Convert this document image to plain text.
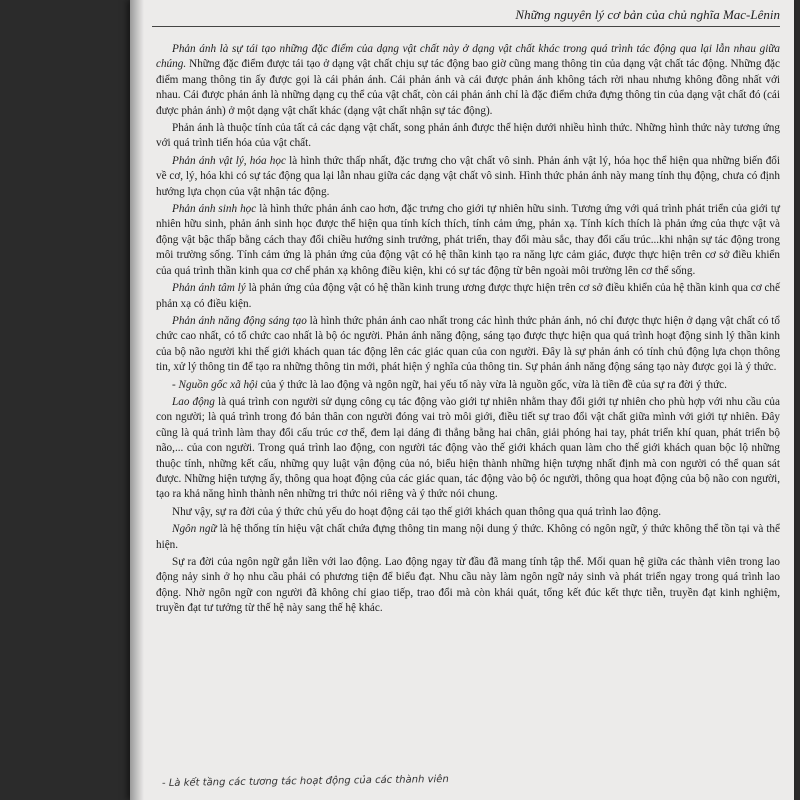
Những nguyên lý cơ bản của chủ nghĩa Mac-Lênin

Phản ánh là sự tái tạo những đặc điểm của dạng vật chất này ở dạng vật chất khác trong quá trình tác động qua lại lẫn nhau giữa chúng. Những đặc điểm được tái tạo ở dạng vật chất chịu sự tác động bao giờ cũng mang thông tin của dạng vật chất tác động. Những đặc điểm mang thông tin ấy được gọi là cái phản ánh. Cái phản ánh và cái được phản ánh không tách rời nhau nhưng không đồng nhất với nhau. Cái được phản ánh là những dạng cụ thể của vật chất, còn cái phản ánh chỉ là đặc điểm chứa đựng thông tin của dạng vật chất đó (cái được phản ánh) ở một dạng vật chất khác (dạng vật chất nhận sự tác động).

Phản ánh là thuộc tính của tất cả các dạng vật chất, song phản ánh được thể hiện dưới nhiều hình thức. Những hình thức này tương ứng với quá trình tiến hóa của vật chất.

Phản ánh vật lý, hóa học là hình thức thấp nhất, đặc trưng cho vật chất vô sinh. Phản ánh vật lý, hóa học thể hiện qua những biến đổi về cơ, lý, hóa khi có sự tác động qua lại lẫn nhau giữa các dạng vật chất vô sinh. Hình thức phản ánh này mang tính thụ động, chưa có định hướng lựa chọn của vật nhận tác động.

Phản ánh sinh học là hình thức phản ánh cao hơn, đặc trưng cho giới tự nhiên hữu sinh. Tương ứng với quá trình phát triển của giới tự nhiên hữu sinh, phản ánh sinh học được thể hiện qua tính kích thích, tính cảm ứng, phản xạ. Tính kích thích là phản ứng của thực vật và động vật bậc thấp bằng cách thay đổi chiều hướng sinh trưởng, phát triển, thay đổi màu sắc, thay đổi cấu trúc...khi nhận sự tác động trong môi trường sống. Tính cảm ứng là phản ứng của động vật có hệ thần kinh tạo ra năng lực cảm giác, được thực hiện trên cơ sở điều khiển của quá trình thần kinh qua cơ chế phản xạ không điều kiện, khi có sự tác động từ bên ngoài môi trường lên cơ thể sống.

Phản ánh tâm lý là phản ứng của động vật có hệ thần kinh trung ương được thực hiện trên cơ sở điều khiển của hệ thần kinh qua cơ chế phản xạ có điều kiện.

Phản ánh năng động sáng tạo là hình thức phản ánh cao nhất trong các hình thức phản ánh, nó chỉ được thực hiện ở dạng vật chất có tổ chức cao nhất, có tổ chức cao nhất là bộ óc người. Phản ánh năng động, sáng tạo được thực hiện qua quá trình hoạt động sinh lý thần kinh của bộ não người khi thế giới khách quan tác động lên các giác quan của con người. Đây là sự phản ánh có tính chủ động lựa chọn thông tin, xử lý thông tin để tạo ra những thông tin mới, phát hiện ý nghĩa của thông tin. Sự phản ánh năng động sáng tạo này được gọi là ý thức.

- Nguồn gốc xã hội của ý thức là lao động và ngôn ngữ, hai yếu tố này vừa là nguồn gốc, vừa là tiền đề của sự ra đời ý thức.

Lao động là quá trình con người sử dụng công cụ tác động vào giới tự nhiên nhằm thay đổi giới tự nhiên cho phù hợp với nhu cầu của con người; là quá trình trong đó bản thân con người đóng vai trò môi giới, điều tiết sự trao đổi vật chất giữa mình với giới tự nhiên. Đây cũng là quá trình làm thay đổi cấu trúc cơ thể, đem lại dáng đi thẳng bằng hai chân, giải phóng hai tay, phát triển khí quan, phát triển bộ não,... của con người. Trong quá trình lao động, con người tác động vào thế giới khách quan làm cho thế giới khách quan bộc lộ những thuộc tính, những kết cấu, những quy luật vận động của nó, biểu hiện thành những hiện tượng nhất định mà con người có thể quan sát được. Những hiện tượng ấy, thông qua hoạt động của các giác quan, tác động vào bộ óc người, thông qua hoạt động của bộ não con người, tạo ra khả năng hình thành nên những tri thức nói riêng và ý thức nói chung.

Như vậy, sự ra đời của ý thức chủ yếu do hoạt động cải tạo thế giới khách quan thông qua quá trình lao động.

Ngôn ngữ là hệ thống tín hiệu vật chất chứa đựng thông tin mang nội dung ý thức. Không có ngôn ngữ, ý thức không thể tồn tại và thể hiện.

Sự ra đời của ngôn ngữ gắn liền với lao động. Lao động ngay từ đầu đã mang tính tập thể. Mối quan hệ giữa các thành viên trong lao động nảy sinh ở họ nhu cầu phải có phương tiện để biểu đạt. Nhu cầu này làm ngôn ngữ nảy sinh và phát triển ngay trong quá trình lao động. Nhờ ngôn ngữ con người đã không chỉ giao tiếp, trao đổi mà còn khái quát, tổng kết đúc kết thực tiễn, truyền đạt kinh nghiệm, truyền đạt tư tưởng từ thế hệ này sang thế hệ khác.

- Là kết tầng các tương tác hoạt động của các thành viên
